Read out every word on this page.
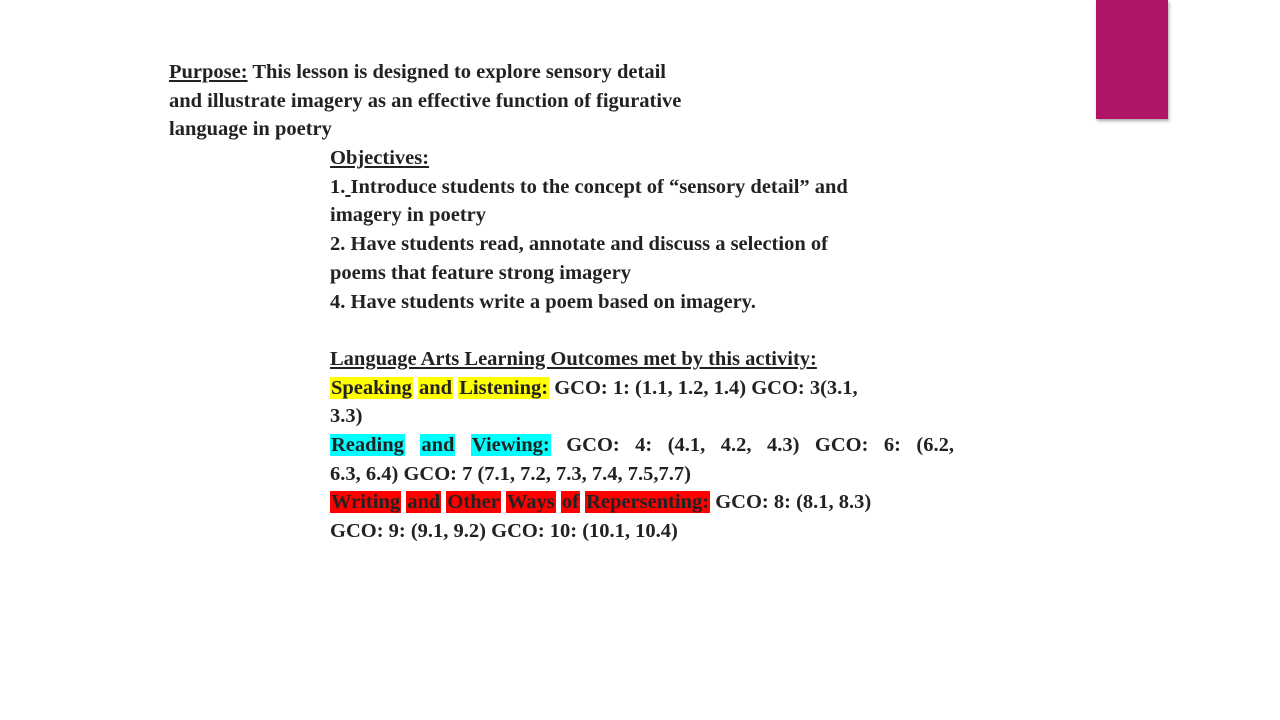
Purpose: This lesson is designed to explore sensory detail
and illustrate imagery as an effective function of figurative
language in poetry
Objectives:
1. Introduce students to the concept of “sensory detail” and
imagery in poetry
2. Have students read, annotate and discuss a selection of
poems that feature strong imagery
4. Have students write a poem based on imagery.
Language Arts Learning Outcomes met by this activity:
Speaking and Listening: GCO: 1: (1.1, 1.2, 1.4) GCO: 3(3.1,
3.3)
Reading and Viewing: GCO: 4: (4.1, 4.2, 4.3) GCO: 6: (6.2,
6.3, 6.4) GCO: 7 (7.1, 7.2, 7.3, 7.4, 7.5,7.7)
Writing and Other Ways of Repersenting: GCO: 8: (8.1, 8.3)
GCO: 9: (9.1, 9.2) GCO: 10: (10.1, 10.4)
